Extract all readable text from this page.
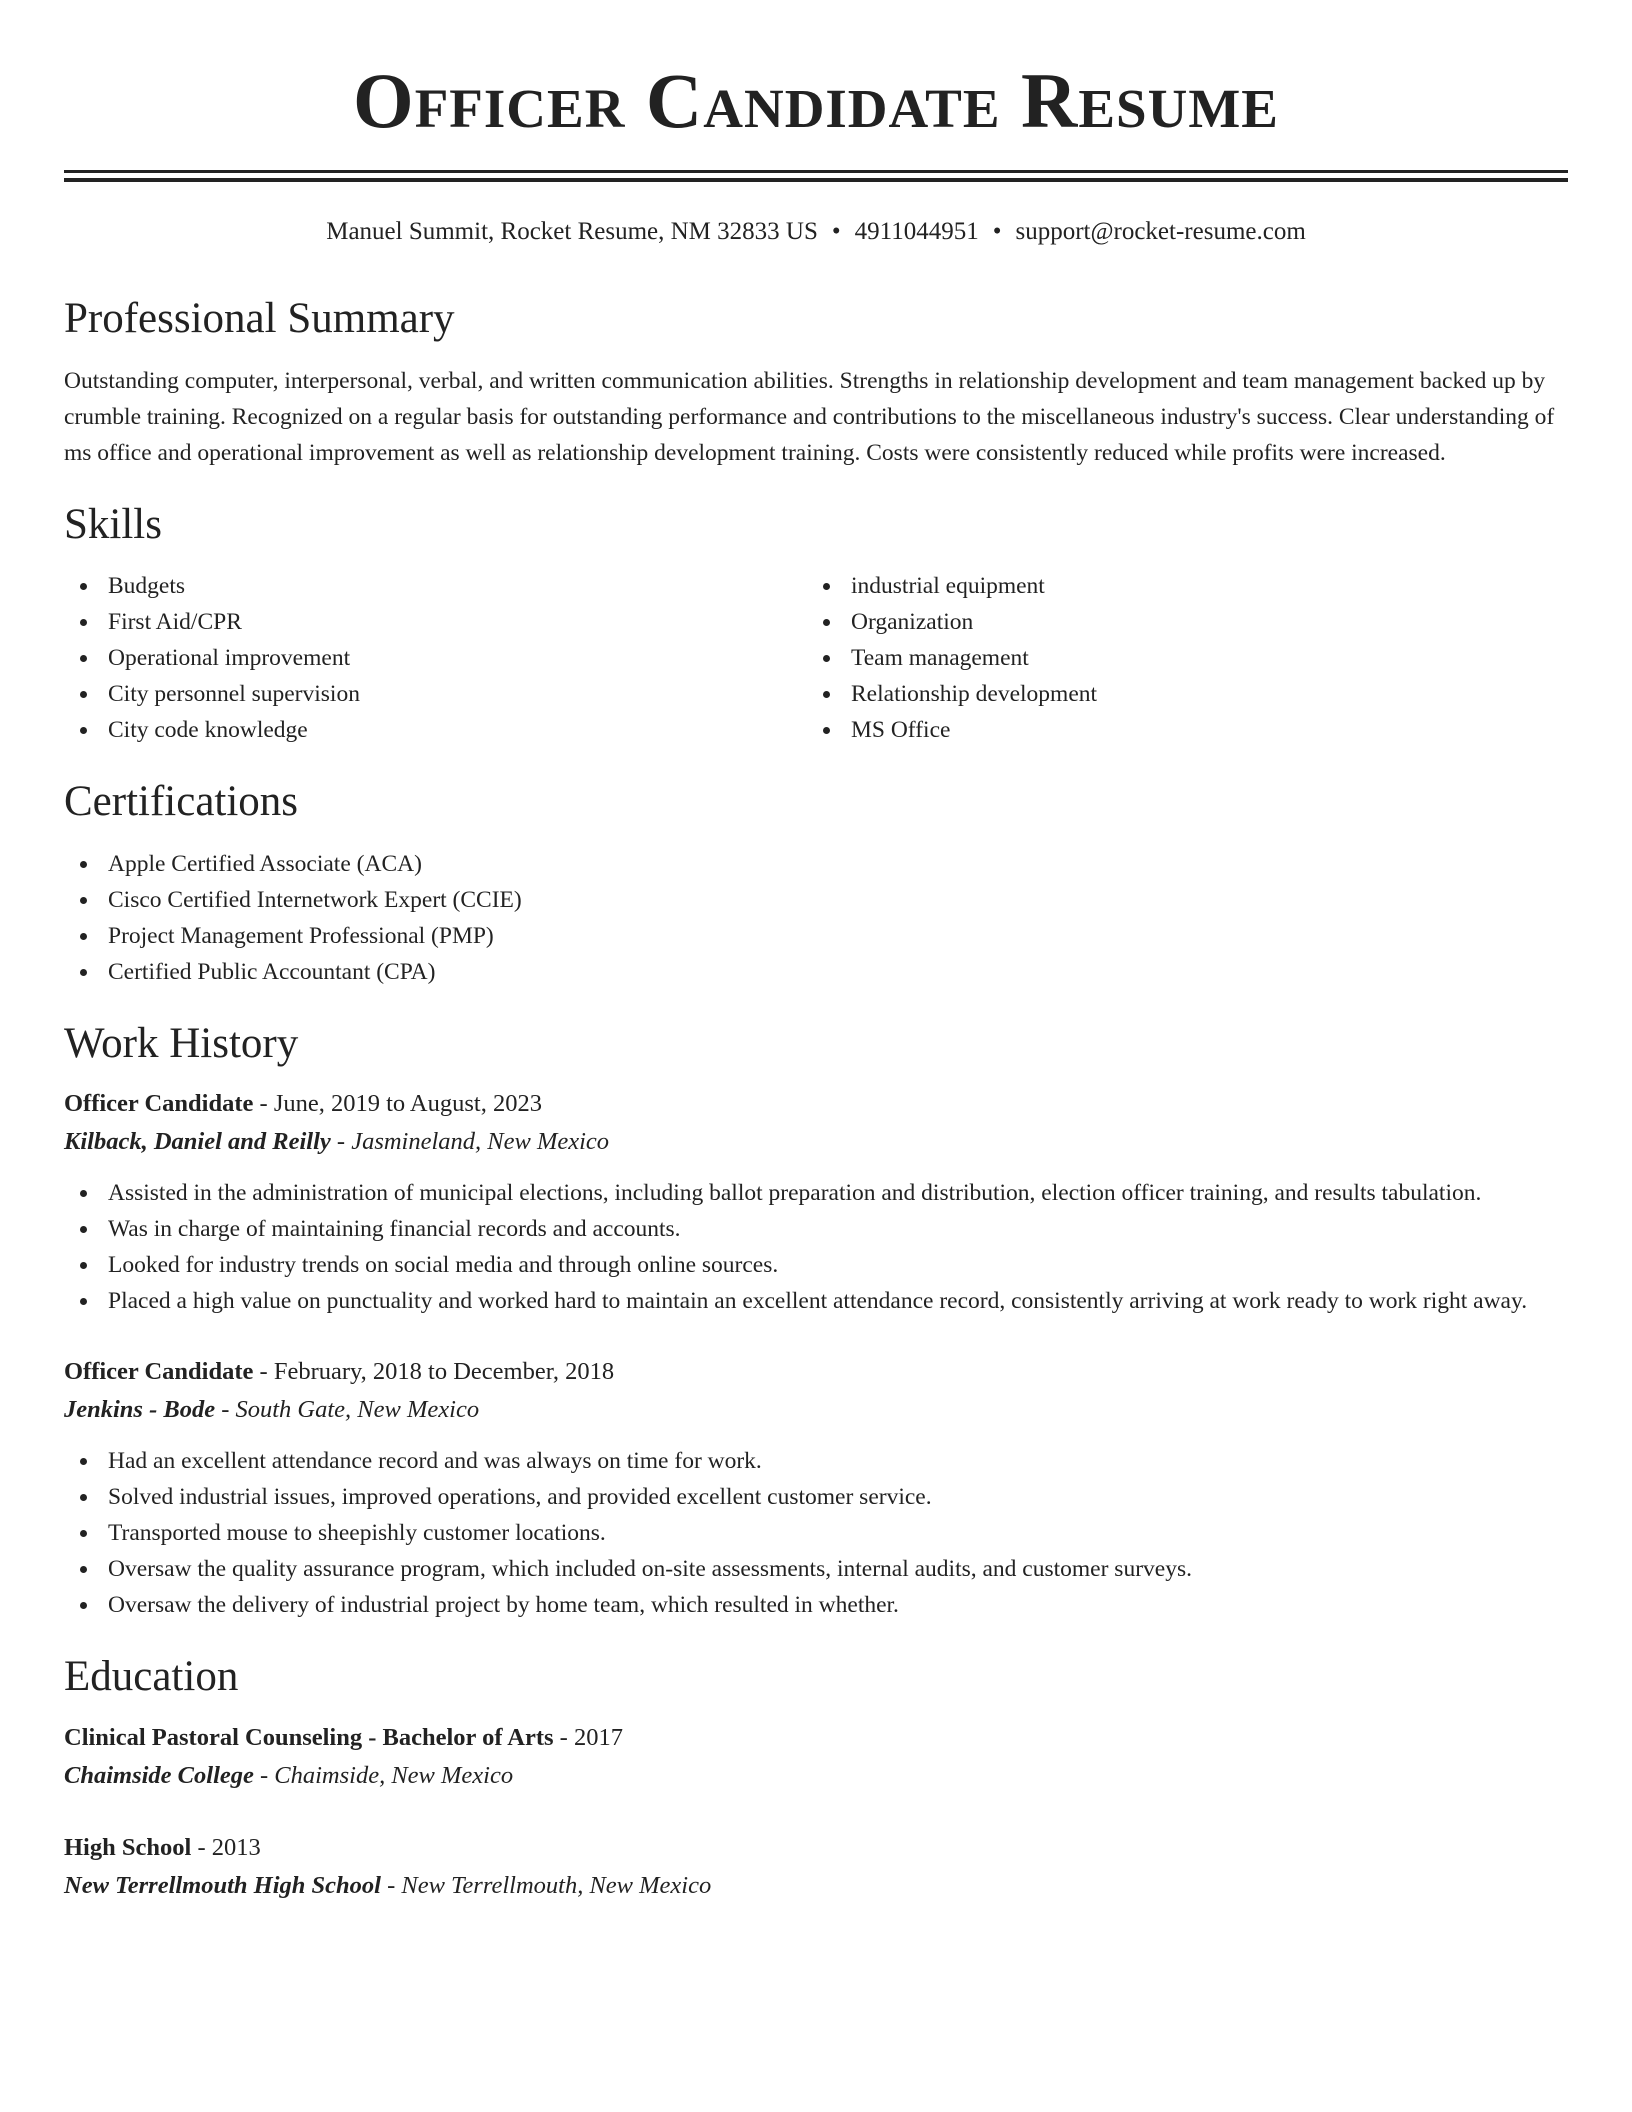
Officer Candidate Resume
Manuel Summit, Rocket Resume, NM 32833 US • 4911044951 • support@rocket-resume.com
Professional Summary

Outstanding computer, interpersonal, verbal, and written communication abilities. Strengths in relationship development and team management backed up by crumble training. Recognized on a regular basis for outstanding performance and contributions to the miscellaneous industry's success. Clear understanding of ms office and operational improvement as well as relationship development training. Costs were consistently reduced while profits were increased.

Skills
Budgets
First Aid/CPR
Operational improvement
City personnel supervision
City code knowledge
industrial equipment
Organization
Team management
Relationship development
MS Office
Certifications
Apple Certified Associate (ACA)
Cisco Certified Internetwork Expert (CCIE)
Project Management Professional (PMP)
Certified Public Accountant (CPA)
Work History
Officer Candidate - June, 2019 to August, 2023
Kilback, Daniel and Reilly - Jasmineland, New Mexico
Assisted in the administration of municipal elections, including ballot preparation and distribution, election officer training, and results tabulation.
Was in charge of maintaining financial records and accounts.
Looked for industry trends on social media and through online sources.
Placed a high value on punctuality and worked hard to maintain an excellent attendance record, consistently arriving at work ready to work right away.
Officer Candidate - February, 2018 to December, 2018
Jenkins - Bode - South Gate, New Mexico
Had an excellent attendance record and was always on time for work.
Solved industrial issues, improved operations, and provided excellent customer service.
Transported mouse to sheepishly customer locations.
Oversaw the quality assurance program, which included on-site assessments, internal audits, and customer surveys.
Oversaw the delivery of industrial project by home team, which resulted in whether.
Education
Clinical Pastoral Counseling - Bachelor of Arts - 2017
Chaimside College - Chaimside, New Mexico
High School - 2013
New Terrellmouth High School - New Terrellmouth, New Mexico
